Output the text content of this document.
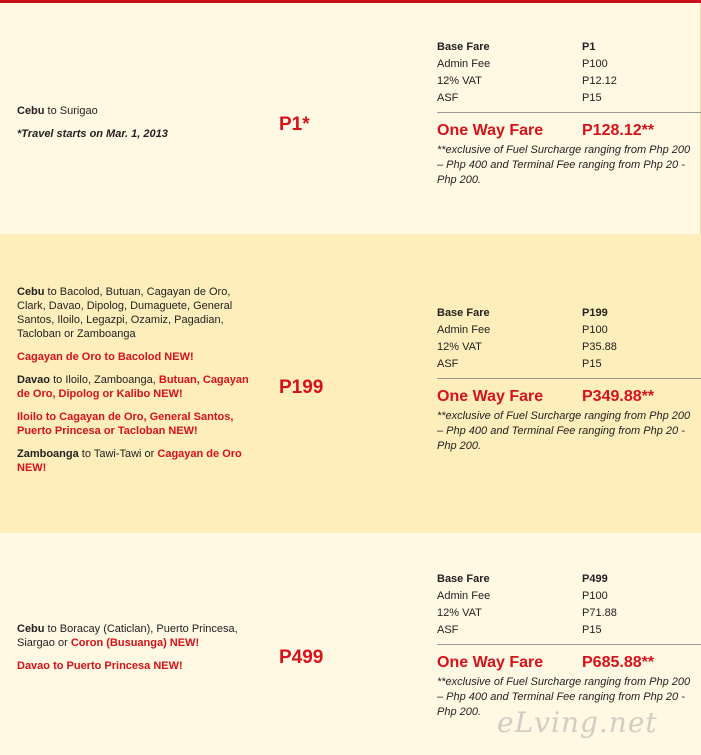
Cebu to Surigao

*Travel starts on Mar. 1, 2013	P1*
Base Fare	P1
Admin Fee	P100
12% VAT	P12.12
ASF	P15
One Way Fare	P128.12**
**exclusive of Fuel Surcharge ranging from Php 200 – Php 400 and Terminal Fee ranging from Php 20 - Php 200.

Cebu to Bacolod, Butuan, Cagayan de Oro, Clark, Davao, Dipolog, Dumaguete, General Santos, Iloilo, Legazpi, Ozamiz, Pagadian, Tacloban or Zamboanga

Cagayan de Oro to Bacolod NEW!

Davao to Iloilo, Zamboanga, Butuan, Cagayan de Oro, Dipolog or Kalibo NEW!

Iloilo to Cagayan de Oro, General Santos, Puerto Princesa or Tacloban NEW!

Zamboanga to Tawi-Tawi or Cagayan de Oro NEW!

P199
Base Fare	P199
Admin Fee	P100
12% VAT	P35.88
ASF	P15
One Way Fare	P349.88**
**exclusive of Fuel Surcharge ranging from Php 200 – Php 400 and Terminal Fee ranging from Php 20 - Php 200.

Cebu to Boracay (Caticlan), Puerto Princesa, Siargao or Coron (Busuanga) NEW!

Davao to Puerto Princesa NEW!	P499
Base Fare	P499
Admin Fee	P100
12% VAT	P71.88
ASF	P15
One Way Fare	P685.88**
**exclusive of Fuel Surcharge ranging from Php 200 – Php 400 and Terminal Fee ranging from Php 20 - Php 200. eLving.net
